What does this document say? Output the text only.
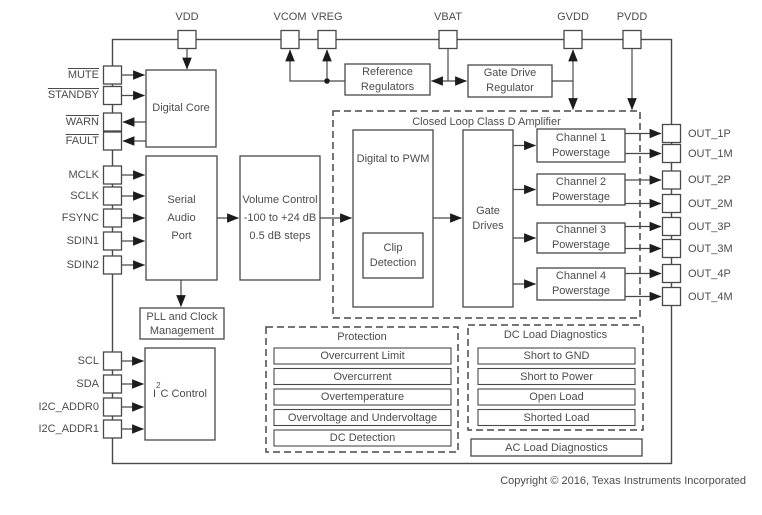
VDD	VCOM VREG	VBAT	GVDD	PVDD
MUTE
STANDBY
WARN
FAULT
MCLK
SCLK
FSYNC
SDIN1
SDIN2
SCL
SDA
I2C_ADDR0
I2C_ADDR1
OUT_1P
OUT_1M
OUT_2P
OUT_2M
OUT_3P
OUT_3M
OUT_4P
OUT_4M
Digital Core
Serial
Audio
Port
Volume Control
-100 to +24 dB
0.5 dB steps
PLL and Clock
Management
$I^2C$ Control
Reference
Regulators
Gate Drive
Regulator
Closed Loop Class D Amplifier
Digital to PWM
Clip
Detection
Gate
Drives
Channel 1
Powerstage
Channel 2
Powerstage
Channel 3
Powerstage
Channel 4
Powerstage
Protection
Overcurrent Limit
Overcurrent
Overtemperature
Overvoltage and Undervoltage
DC Detection
DC Load Diagnostics
Short to GND
Short to Power
Open Load
Shorted Load
AC Load Diagnostics
Copyright © 2016, Texas Instruments Incorporated
